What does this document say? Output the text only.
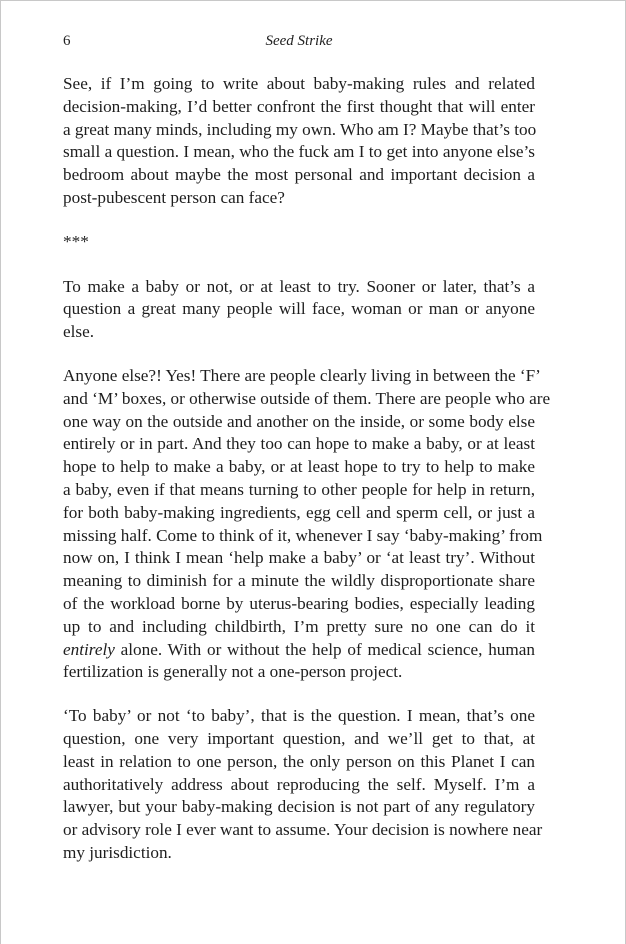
6	Seed Strike
See, if I’m going to write about baby-making rules and related
decision-making, I’d better confront the first thought that will enter
a great many minds, including my own. Who am I? Maybe that’s too
small a question. I mean, who the fuck am I to get into anyone else’s
bedroom about maybe the most personal and important decision a
post-pubescent person can face?
***
To make a baby or not, or at least to try. Sooner or later, that’s a
question a great many people will face, woman or man or anyone
else.
Anyone else?! Yes! There are people clearly living in between the ‘F’
and ‘M’ boxes, or otherwise outside of them. There are people who are
one way on the outside and another on the inside, or some body else
entirely or in part. And they too can hope to make a baby, or at least
hope to help to make a baby, or at least hope to try to help to make
a baby, even if that means turning to other people for help in return,
for both baby-making ingredients, egg cell and sperm cell, or just a
missing half. Come to think of it, whenever I say ‘baby-making’ from
now on, I think I mean ‘help make a baby’ or ‘at least try’. Without
meaning to diminish for a minute the wildly disproportionate share
of the workload borne by uterus-bearing bodies, especially leading
up to and including childbirth, I’m pretty sure no one can do it
entirely alone. With or without the help of medical science, human
fertilization is generally not a one-person project.
‘To baby’ or not ‘to baby’, that is the question. I mean, that’s one
question, one very important question, and we’ll get to that, at
least in relation to one person, the only person on this Planet I can
authoritatively address about reproducing the self. Myself. I’m a
lawyer, but your baby-making decision is not part of any regulatory
or advisory role I ever want to assume. Your decision is nowhere near
my jurisdiction.
